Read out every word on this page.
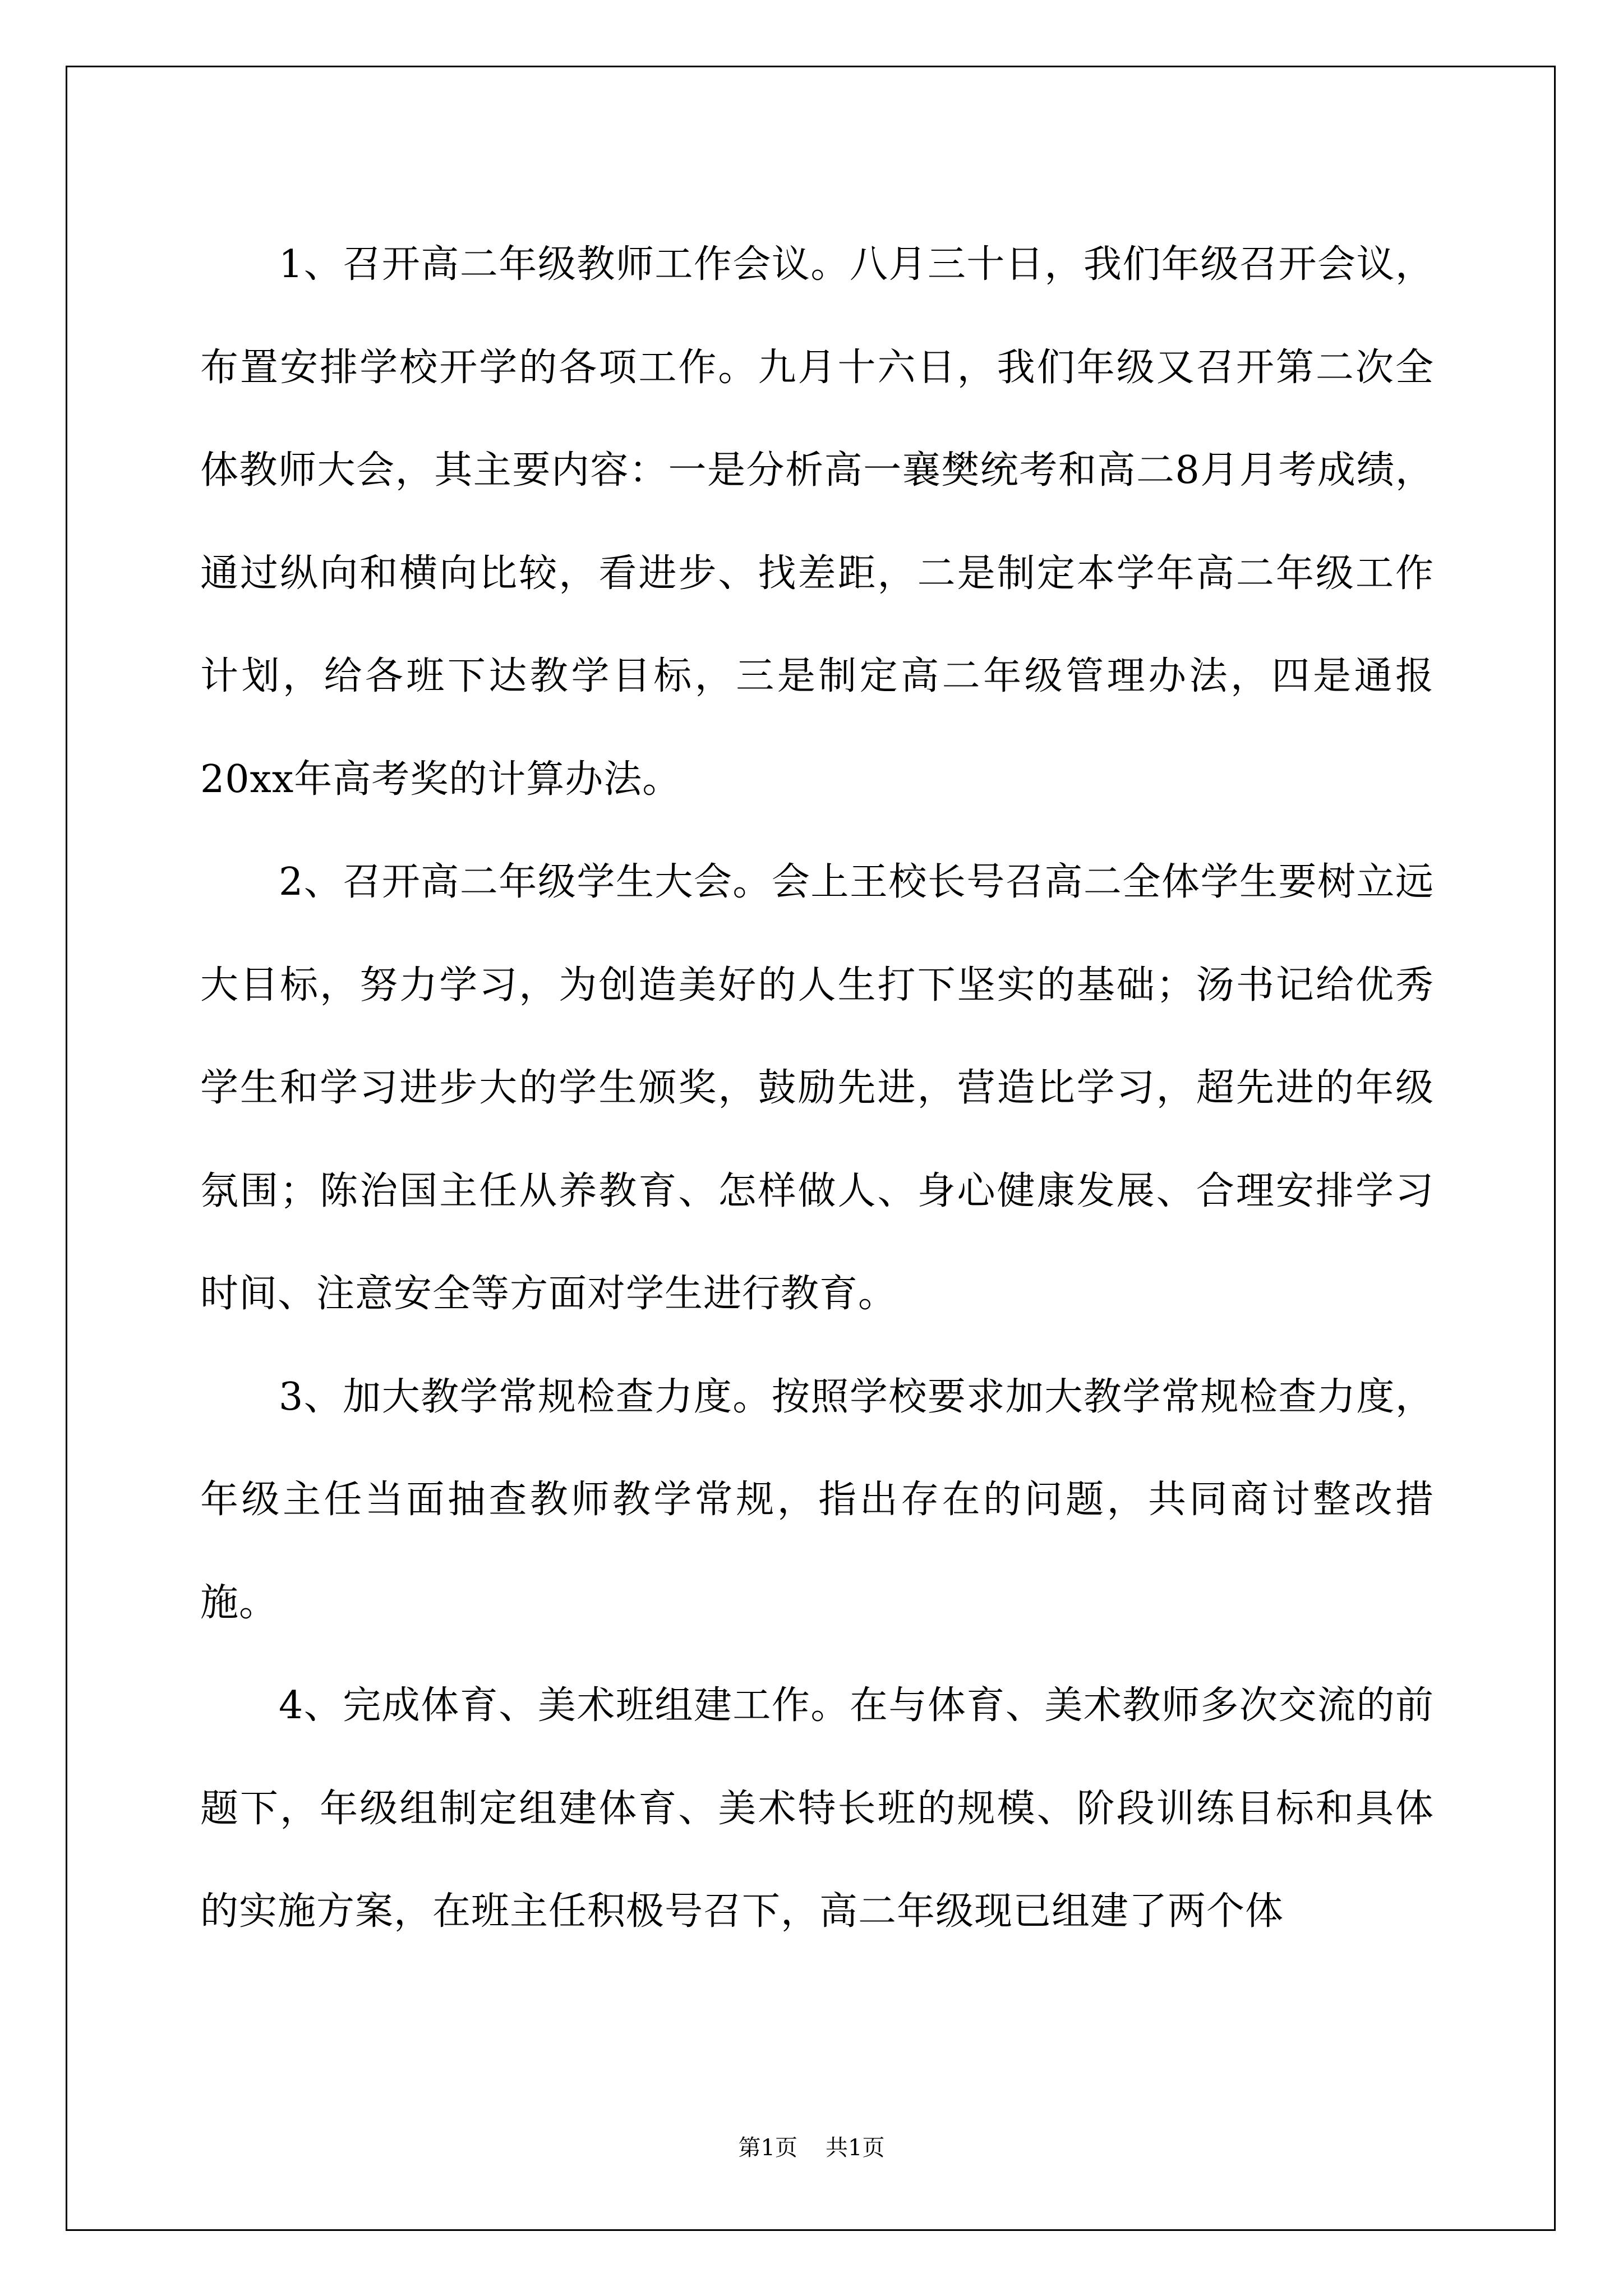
1、召开高二年级教师工作会议。八月三十日，我们年级召开会议，布置安排学校开学的各项工作。九月十六日，我们年级又召开第二次全体教师大会，其主要内容：一是分析高一襄樊统考和高二8月月考成绩，通过纵向和横向比较，看进步、找差距，二是制定本学年高二年级工作计划，给各班下达教学目标，三是制定高二年级管理办法，四是通报20xx年高考奖的计算办法。

2、召开高二年级学生大会。会上王校长号召高二全体学生要树立远大目标，努力学习，为创造美好的人生打下坚实的基础；汤书记给优秀学生和学习进步大的学生颁奖，鼓励先进，营造比学习，超先进的年级氛围；陈治国主任从养教育、怎样做人、身心健康发展、合理安排学习时间、注意安全等方面对学生进行教育。

3、加大教学常规检查力度。按照学校要求加大教学常规检查力度，年级主任当面抽查教师教学常规，指出存在的问题，共同商讨整改措施。

4、完成体育、美术班组建工作。在与体育、美术教师多次交流的前题下，年级组制定组建体育、美术特长班的规模、阶段训练目标和具体的实施方案，在班主任积极号召下，高二年级现已组建了两个体

第1页 共1页
